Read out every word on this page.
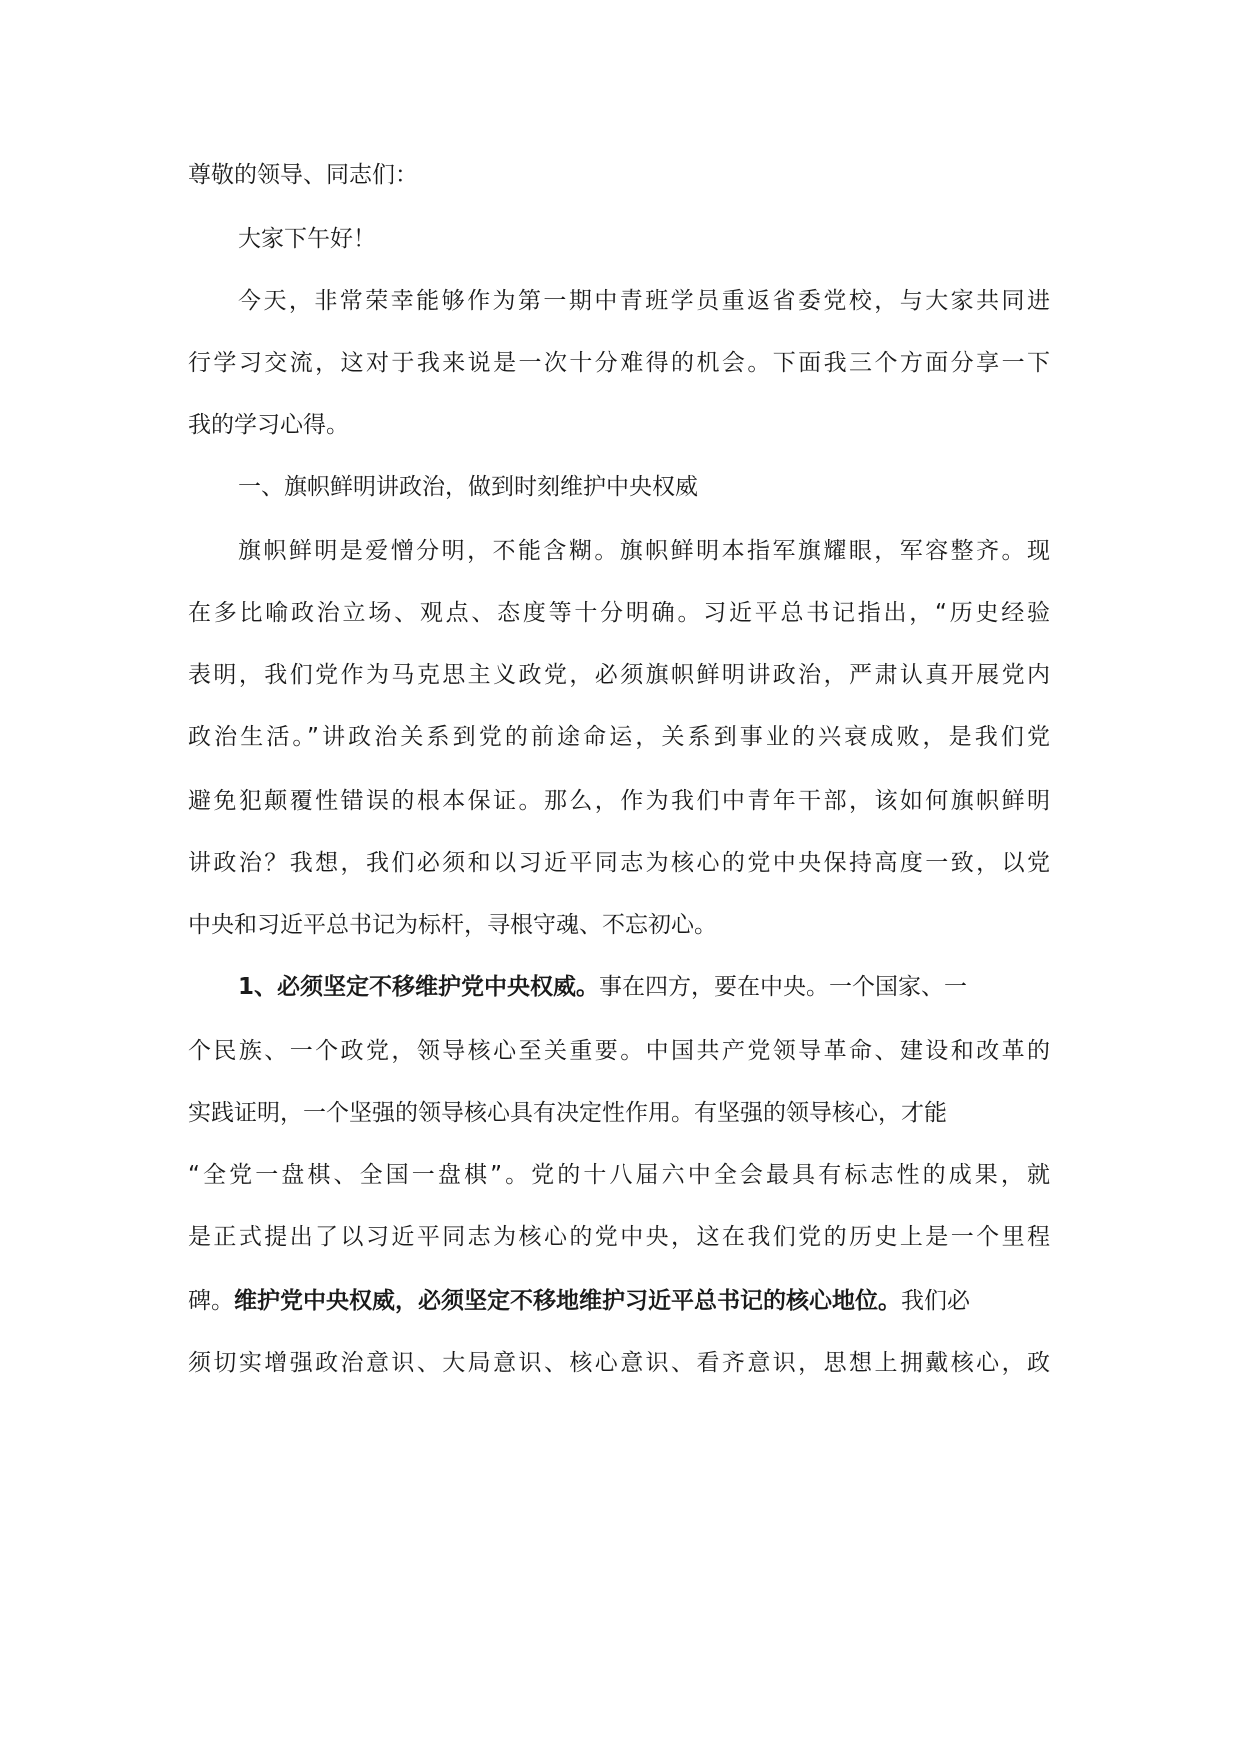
尊敬的领导、同志们：
大家下午好！
今天，非常荣幸能够作为第一期中青班学员重返省委党校，与大家共同进
行学习交流，这对于我来说是一次十分难得的机会。下面我三个方面分享一下
我的学习心得。
一、旗帜鲜明讲政治，做到时刻维护中央权威
旗帜鲜明是爱憎分明，不能含糊。旗帜鲜明本指军旗耀眼，军容整齐。现
在多比喻政治立场、观点、态度等十分明确。习近平总书记指出，“历史经验
表明，我们党作为马克思主义政党，必须旗帜鲜明讲政治，严肃认真开展党内
政治生活。”讲政治关系到党的前途命运，关系到事业的兴衰成败，是我们党
避免犯颠覆性错误的根本保证。那么，作为我们中青年干部，该如何旗帜鲜明
讲政治？我想，我们必须和以习近平同志为核心的党中央保持高度一致，以党
中央和习近平总书记为标杆，寻根守魂、不忘初心。
1、必须坚定不移维护党中央权威。事在四方，要在中央。一个国家、一
个民族、一个政党，领导核心至关重要。中国共产党领导革命、建设和改革的
实践证明，一个坚强的领导核心具有决定性作用。有坚强的领导核心，才能
“全党一盘棋、全国一盘棋”。党的十八届六中全会最具有标志性的成果，就
是正式提出了以习近平同志为核心的党中央，这在我们党的历史上是一个里程
碑。维护党中央权威，必须坚定不移地维护习近平总书记的核心地位。我们必
须切实增强政治意识、大局意识、核心意识、看齐意识，思想上拥戴核心，政
